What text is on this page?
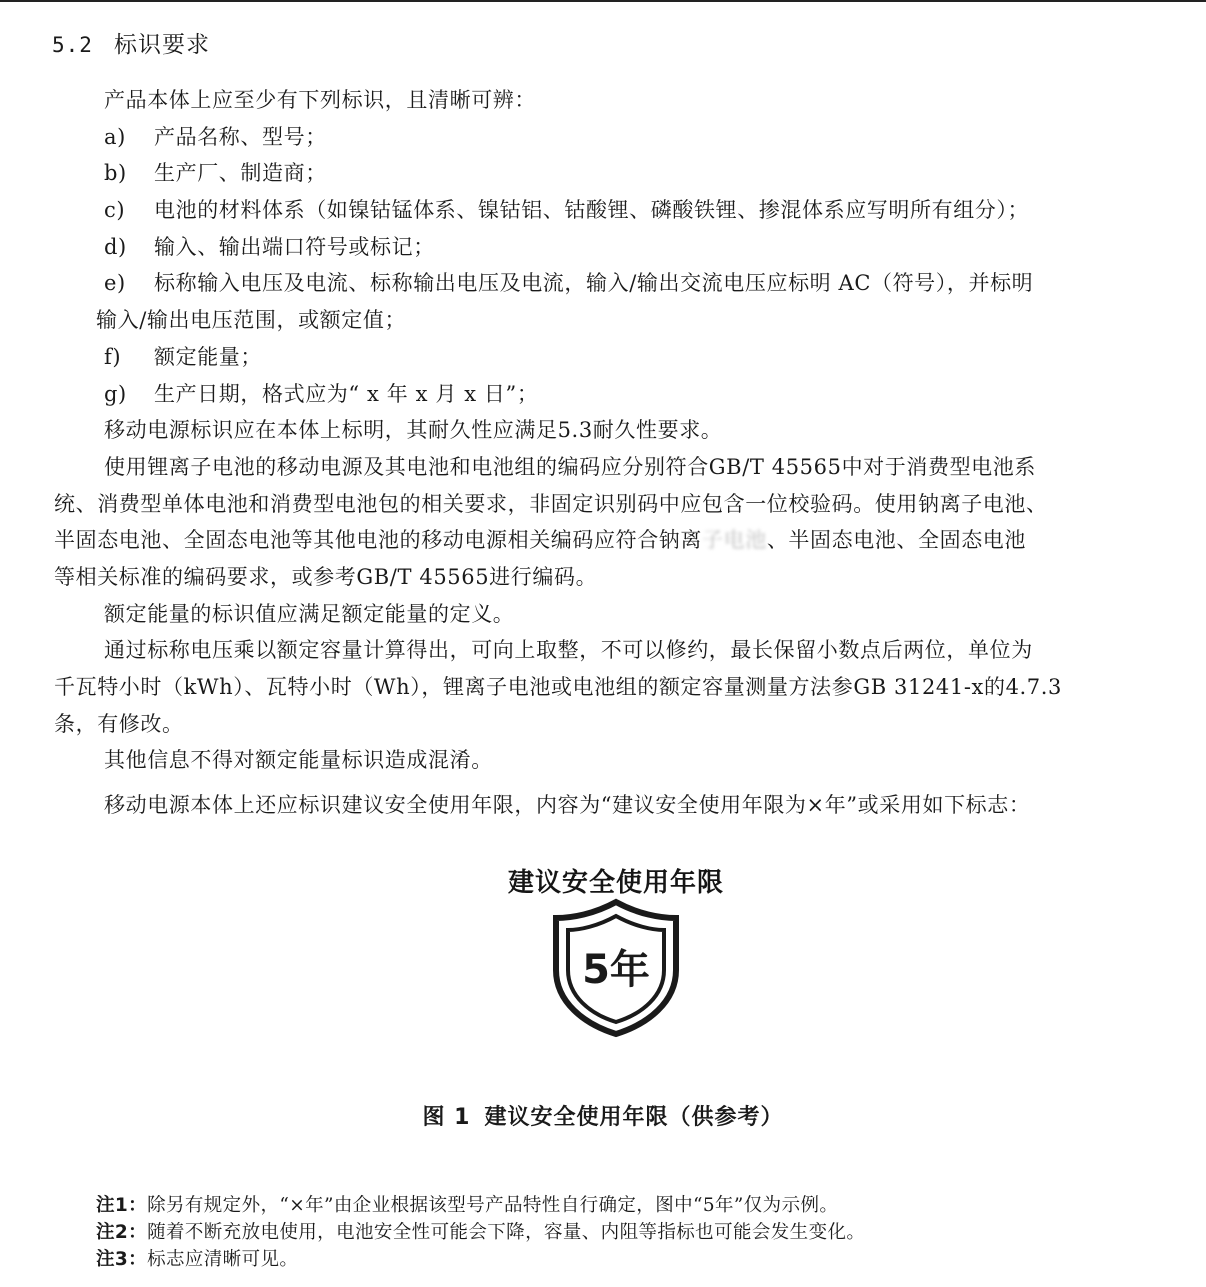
5.2 标识要求
产品本体上应至少有下列标识，且清晰可辨：
a) 产品名称、型号；
b) 生产厂、制造商；
c) 电池的材料体系（如镍钴锰体系、镍钴铝、钴酸锂、磷酸铁锂、掺混体系应写明所有组分）；
d) 输入、输出端口符号或标记；
e) 标称输入电压及电流、标称输出电压及电流，输入/输出交流电压应标明 AC（符号），并标明
输入/输出电压范围，或额定值；
f) 额定能量；
g) 生产日期，格式应为“ x 年 x 月 x 日”；
移动电源标识应在本体上标明，其耐久性应满足5.3耐久性要求。
使用锂离子电池的移动电源及其电池和电池组的编码应分别符合GB/T 45565中对于消费型电池系
统、消费型单体电池和消费型电池包的相关要求，非固定识别码中应包含一位校验码。使用钠离子电池、
半固态电池、全固态电池等其他电池的移动电源相关编码应符合钠离子电池、半固态电池、全固态电池
等相关标准的编码要求，或参考GB/T 45565进行编码。
额定能量的标识值应满足额定能量的定义。
通过标称电压乘以额定容量计算得出，可向上取整，不可以修约，最长保留小数点后两位，单位为
千瓦特小时（kWh）、瓦特小时（Wh），锂离子电池或电池组的额定容量测量方法参GB 31241-x的4.7.3
条，有修改。
其他信息不得对额定能量标识造成混淆。
移动电源本体上还应标识建议安全使用年限，内容为“建议安全使用年限为×年”或采用如下标志：
建议安全使用年限
5年
图 1 建议安全使用年限（供参考）
注1：除另有规定外，“×年”由企业根据该型号产品特性自行确定，图中“5年”仅为示例。
注2：随着不断充放电使用，电池安全性可能会下降，容量、内阻等指标也可能会发生变化。
注3：标志应清晰可见。
